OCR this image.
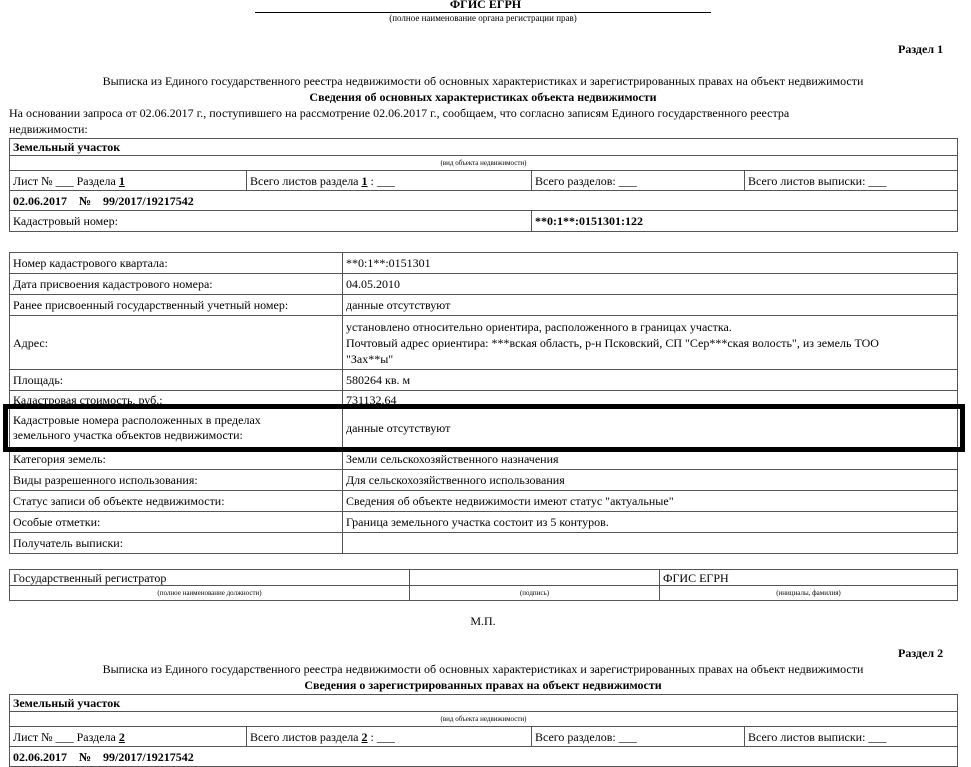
ФГИС ЕГРН
(полное наименование органа регистрации прав)
Раздел 1
Выписка из Единого государственного реестра недвижимости об основных характеристиках и зарегистрированных правах на объект недвижимости
Сведения об основных характеристиках объекта недвижимости
На основании запроса от 02.06.2017 г., поступившего на рассмотрение 02.06.2017 г., сообщаем, что согласно записям Единого государственного реестра
недвижимости:
Земельный участок			
(вид объекта недвижимости)			
Лист № ___ Раздела 1	Всего листов раздела 1 : ___	Всего разделов: ___	Всего листов выписки: ___
02.06.2017    №    99/2017/19217542			
Кадастровый номер:		**0:1**:0151301:122	
Номер кадастрового квартала:	**0:1**:0151301
Дата присвоения кадастрового номера:	04.05.2010
Ранее присвоенный государственный учетный номер:	данные отсутствуют
Адрес:	установлено относительно ориентира, расположенного в границах участка.
Почтовый адрес ориентира: ***вская область, р-н Псковский, СП "Сер***ская волость", из земель ТОО
"Зах**ы"

Площадь:	580264 кв. м
Кадастровая стоимость, руб.:	731132.64

Кадастровые номера расположенных в пределах
земельного участка объектов недвижимости:	данные отсутствуют
Категория земель:	Земли сельскохозяйственного назначения
Виды разрешенного использования:	Для сельскохозяйственного использования
Статус записи об объекте недвижимости:	Сведения об объекте недвижимости имеют статус "актуальные"
Особые отметки:	Граница земельного участка состоит из 5 контуров.
Получатель выписки:	
Государственный регистратор		ФГИС ЕГРН
(полное наименование должности)	(подпись)	(инициалы, фамилия)
М.П.
Раздел 2
Выписка из Единого государственного реестра недвижимости об основных характеристиках и зарегистрированных правах на объект недвижимости
Сведения о зарегистрированных правах на объект недвижимости
Земельный участок
(вид объекта недвижимости)
Лист № ___ Раздела 2	Всего листов раздела 2 : ___	Всего разделов: ___	Всего листов выписки: ___
02.06.2017    №    99/2017/19217542
